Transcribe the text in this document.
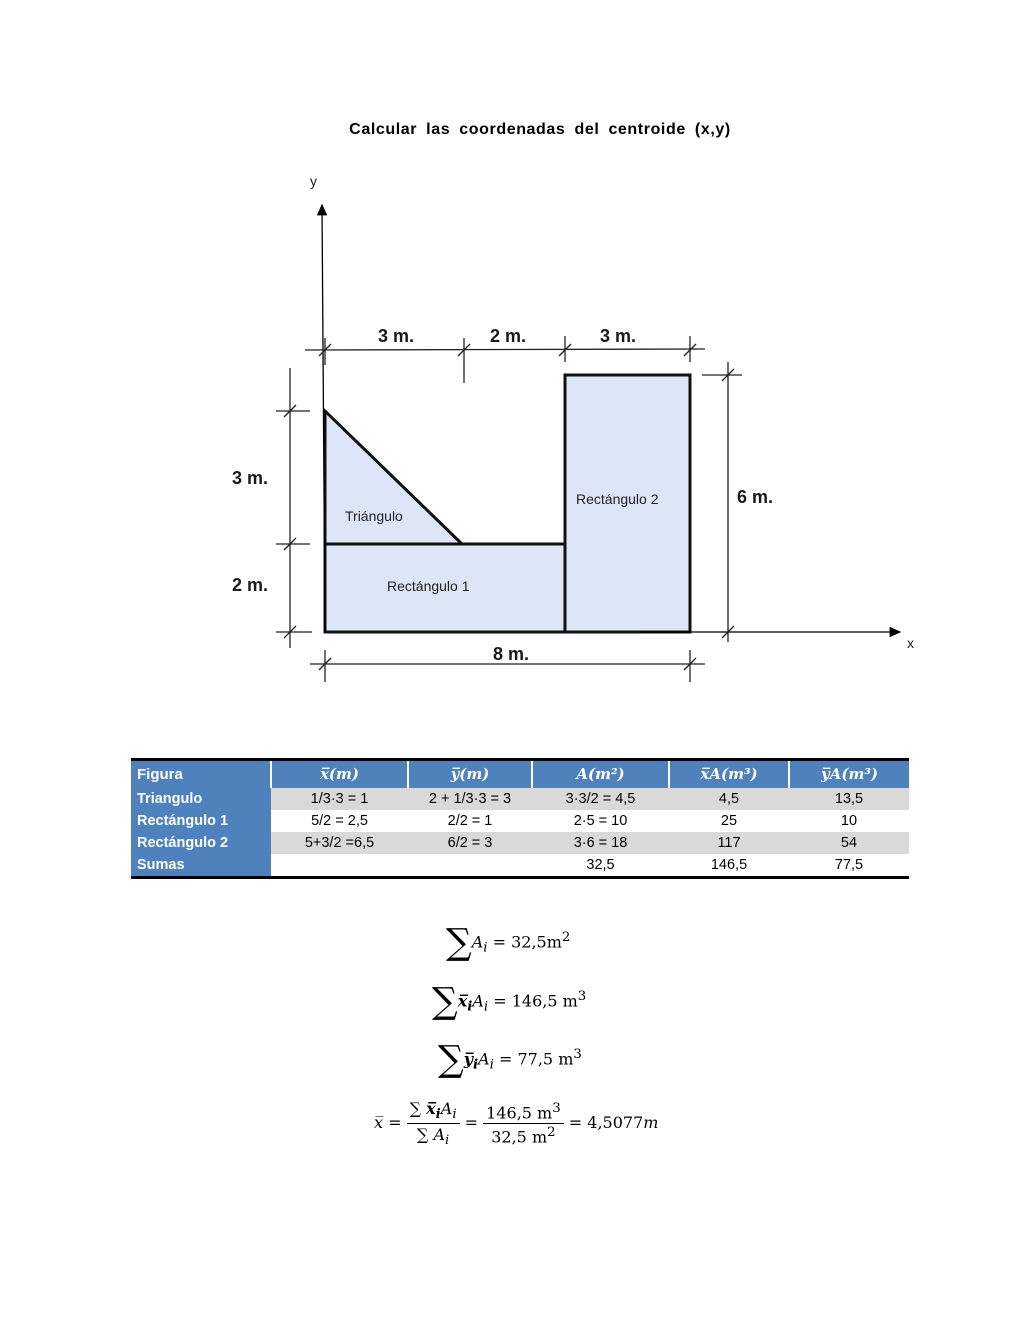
Calcular las coordenadas del centroide (x,y)
y
x
3 m.	2 m.	3 m.
3 m.
2 m.
6 m.
8 m.
Triángulo
Rectángulo 1
Rectángulo 2
Figura	x̅(m)	y̅(m)	A(m²)	x̅A(m³)	y̅A(m³)
Triangulo	1/3·3 = 1	2 + 1/3·3 = 3	3·3/2 = 4,5	4,5	13,5
Rectángulo 1	5/2 = 2,5	2/2 = 1	2·5 = 10	25	10
Rectángulo 2	5+3/2 =6,5	6/2 = 3	3·6 = 18	117	54
Sumas			32,5	146,5	77,5
$\sum A_i = 32,5m^2$
$\sum x̅_iA_i = 146,5$ $m^3$
$\sum y̅_iA_i = 77,5$ $m^3$
x̅ = $\frac{\sum x̅_iA_i}{\sum A_i} = \frac{146,5 m^3}{32,5 m^2} = 4,5077m$
